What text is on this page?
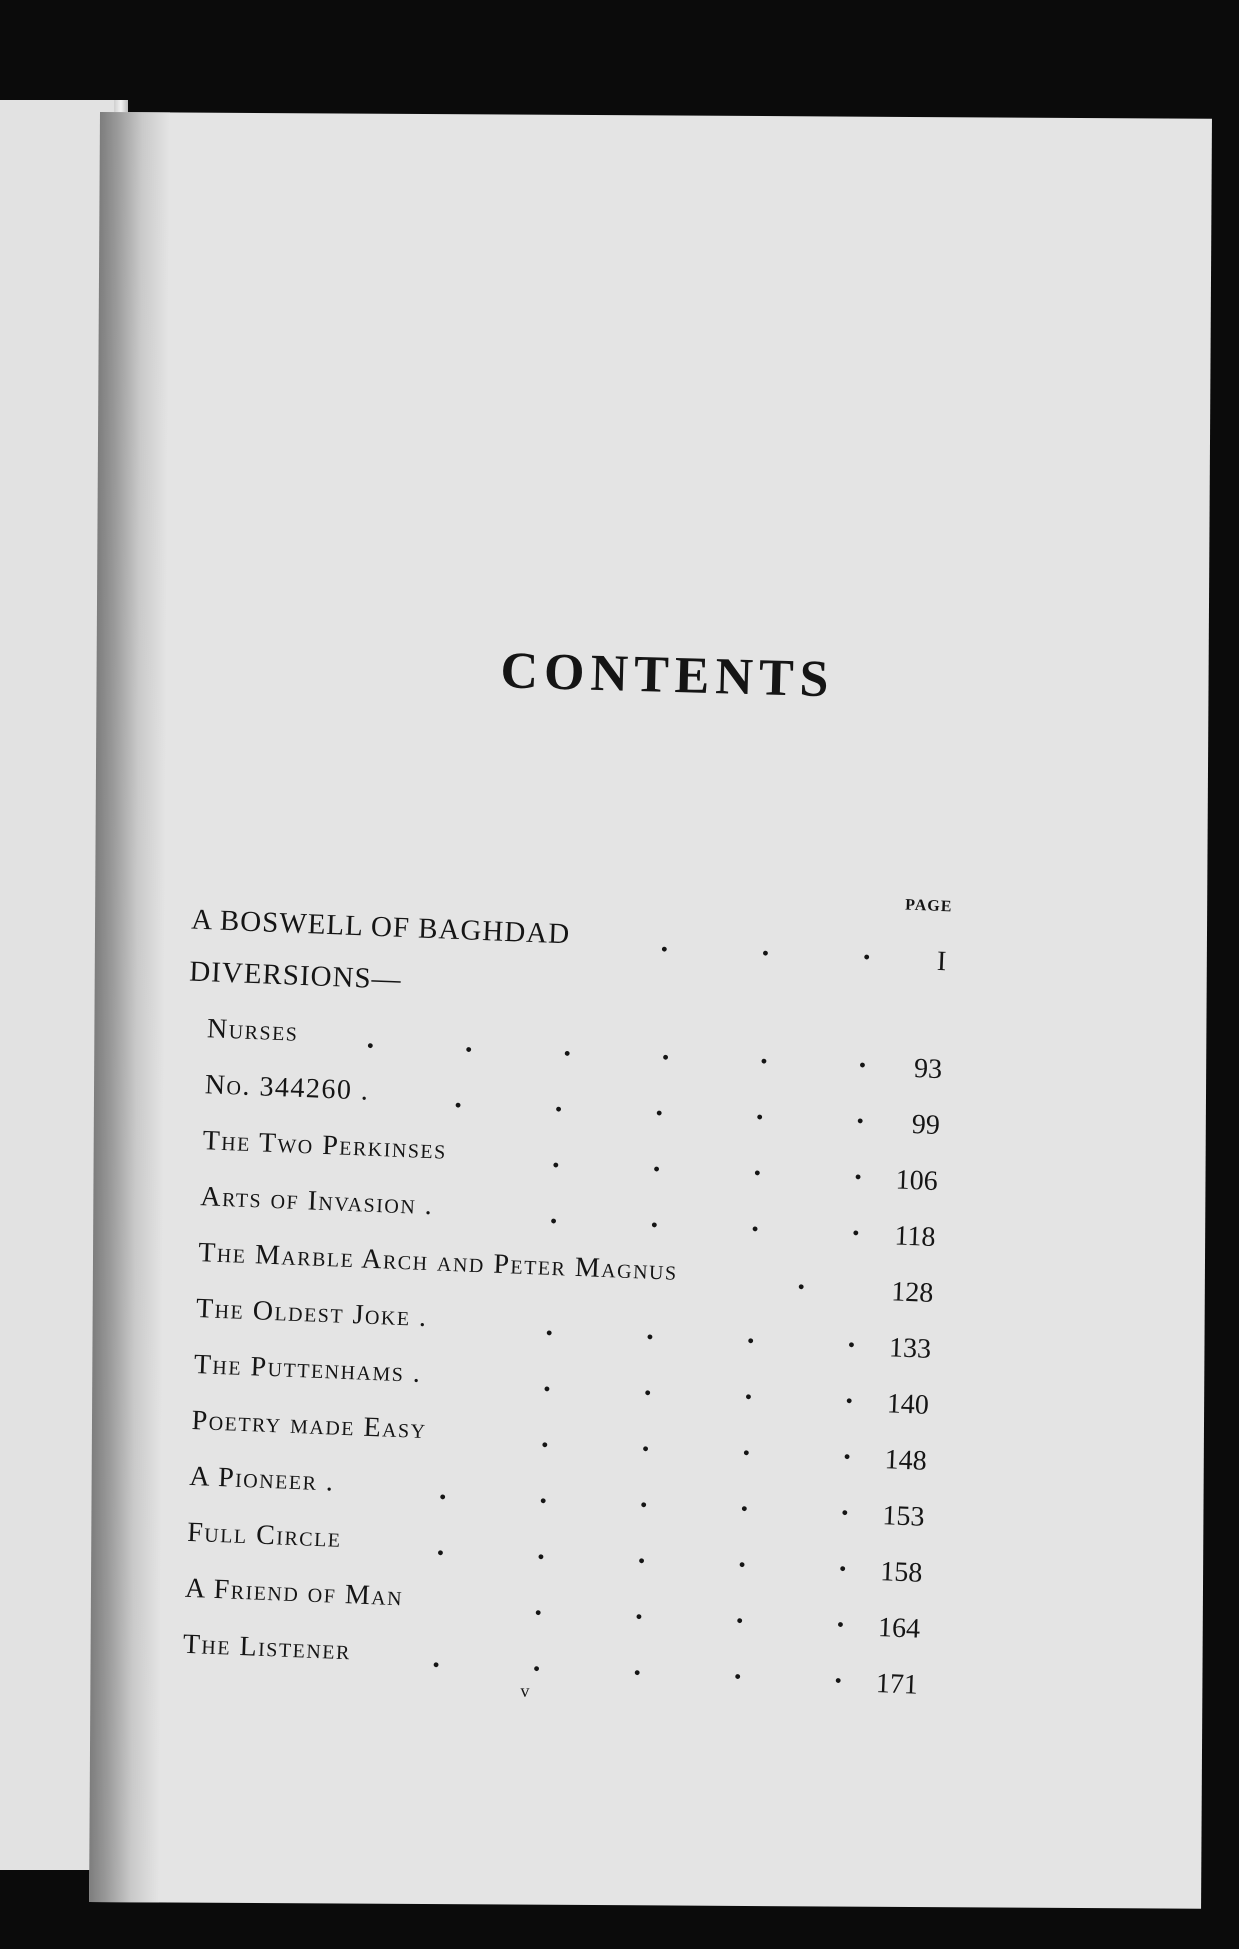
CONTENTS
PAGE
A BOSWELL OF BAGHDAD	.	.	. I
DIVERSIONS—
Nurses .	.	.	.	.	. 93
No. 344260 .	.	.	.	.	. 99
The Two Perkinses	.	.	.	. 106
Arts of Invasion .	.	.	.	. 118
The Marble Arch and Peter Magnus	.	128
The Oldest Joke .	.	.	.	. 133
The Puttenhams .	.	.	.	. 140
Poetry made Easy	.	.	.	. 148
A Pioneer .	.	.	.	.	. 153
Full Circle	.	.	.	.	. 158
A Friend of Man	.	.	.	. 164
The Listener	.	.	.	.	. 171
v
